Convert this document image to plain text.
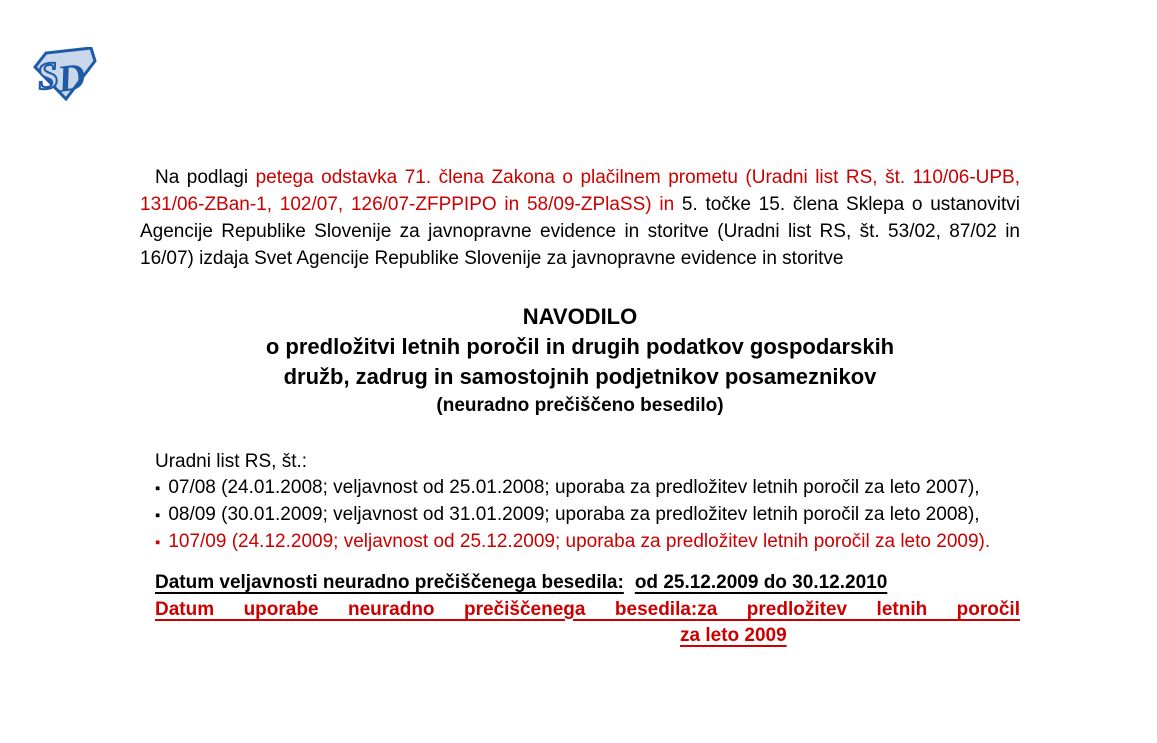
S
D

Na podlagi petega odstavka 71. člena Zakona o plačilnem prometu (Uradni list RS, št. 110/06-UPB, 131/06-ZBan-1, 102/07, 126/07-ZFPPIPO in 58/09-ZPlaSS) in 5. točke 15. člena Sklepa o ustanovitvi Agencije Republike Slovenije za javnopravne evidence in storitve (Uradni list RS, št. 53/02, 87/02 in 16/07) izdaja Svet Agencije Republike Slovenije za javnopravne evidence in storitve

NAVODILO
o predložitvi letnih poročil in drugih podatkov gospodarskih
družb, zadrug in samostojnih podjetnikov posameznikov
(neuradno prečiščeno besedilo)

Uradni list RS, št.:

▪ 07/08 (24.01.2008; veljavnost od 25.01.2008; uporaba za predložitev letnih poročil za leto 2007),

▪ 08/09 (30.01.2009; veljavnost od 31.01.2009; uporaba za predložitev letnih poročil za leto 2008),

▪ 107/09 (24.12.2009; veljavnost od 25.12.2009; uporaba za predložitev letnih poročil za leto 2009).

Datum veljavnosti neuradno prečiščenega besedila: od 25.12.2009 do 30.12.2010
Datum uporabe neuradno prečiščenega besedila:za predložitev letnih poročil
za leto 2009
